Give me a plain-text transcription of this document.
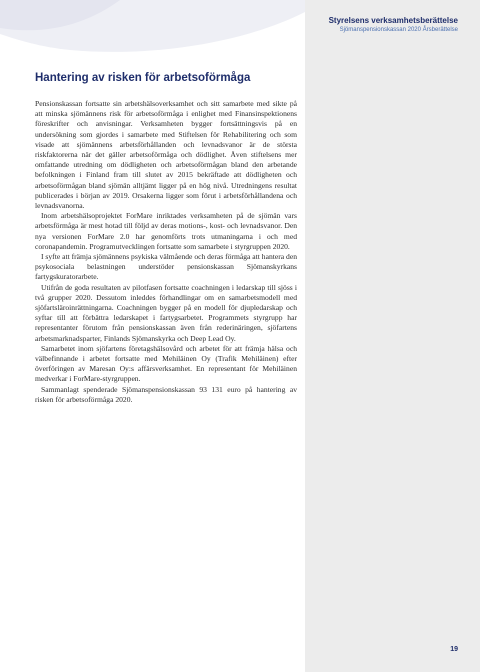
Styrelsens verksamhetsberättelse
Sjömanspensionskassan 2020 Årsberättelse
Hantering av risken för arbetsoförmåga

Pensionskassan fortsatte sin arbetshälsoverksamhet och sitt samarbete med sikte på att minska sjömännens risk för arbetsoförmåga i enlighet med Finansinspektionens föreskrifter och anvisningar. Verksamheten bygger fortsättningsvis på en undersökning som gjordes i samarbete med Stiftelsen för Rehabilitering och som visade att sjömännens arbetsförhållanden och levnadsvanor är de största riskfaktorerna när det gäller arbetsoförmåga och dödlighet. Även stiftelsens mer omfattande utredning om dödligheten och arbetsoförmågan bland den arbetande befolkningen i Finland fram till slutet av 2015 bekräftade att dödligheten och arbetsoförmågan bland sjömän alltjämt ligger på en hög nivå. Utredningens resultat publicerades i början av 2019. Orsakerna ligger som förut i arbetsförhållandena och levnadsvanorna.

Inom arbetshälsoprojektet ForMare inriktades verksamheten på de sjömän vars arbetsförmåga är mest hotad till följd av deras motions-, kost- och levnadsvanor. Den nya versionen ForMare 2.0 har genomförts trots utmaningarna i och med coronapandemin. Programutvecklingen fortsatte som samarbete i styrgruppen 2020.

I syfte att främja sjömännens psykiska välmående och deras förmåga att hantera den psykosociala belastningen understöder pensionskassan Sjömanskyrkans fartygskuratorarbete.

Utifrån de goda resultaten av pilotfasen fortsatte coachningen i ledarskap till sjöss i två grupper 2020. Dessutom inleddes förhandlingar om en samarbetsmodell med sjöfartsläroinrättningarna. Coachningen bygger på en modell för djupledarskap och syftar till att förbättra ledarskapet i fartygsarbetet. Programmets styrgrupp har representanter förutom från pensionskassan även från rederinäringen, sjöfartens arbetsmarknadsparter, Finlands Sjömanskyrka och Deep Lead Oy.

Samarbetet inom sjöfartens företagshälsovård och arbetet för att främja hälsa och välbefinnande i arbetet fortsatte med Mehiläinen Oy (Trafik Mehiläinen) efter överföringen av Maresan Oy:s affärsverksamhet. En representant för Mehiläinen medverkar i ForMare-styrgruppen.

Sammanlagt spenderade Sjömanspensionskassan 93 131 euro på hantering av risken för arbetsoförmåga 2020.

19
